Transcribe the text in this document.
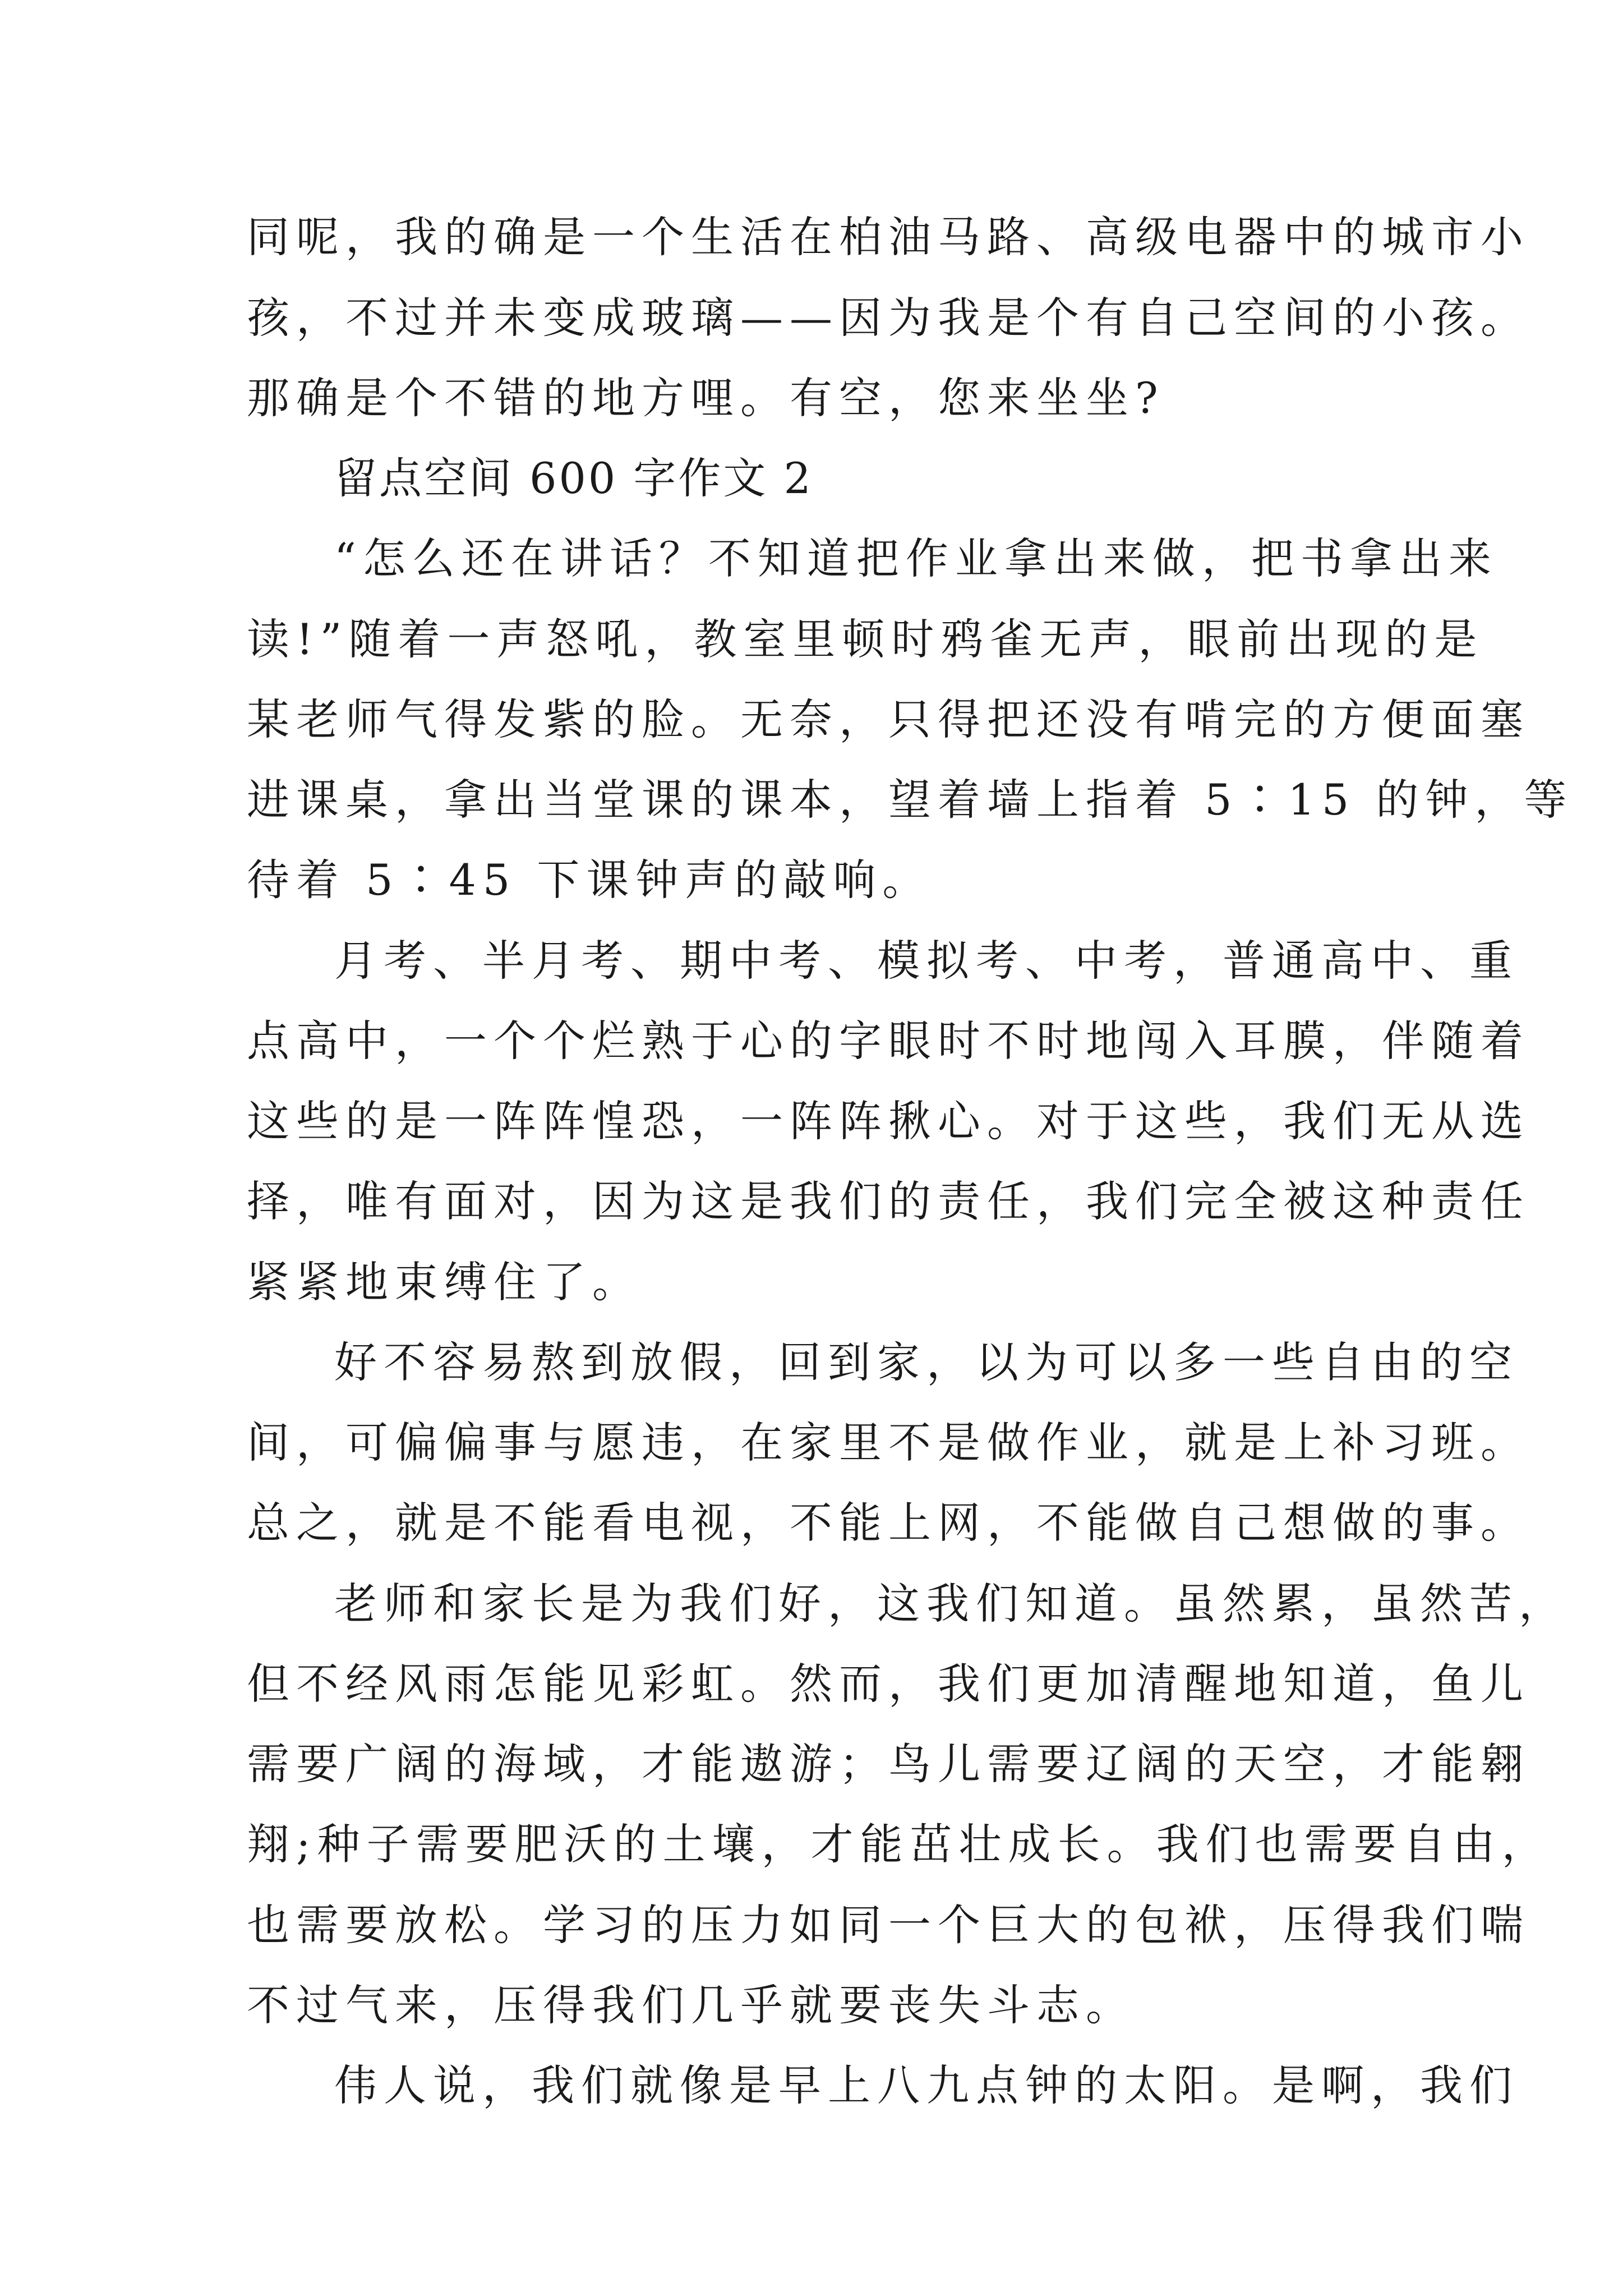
同呢，我的确是一个生活在柏油马路、高级电器中的城市小
孩，不过并未变成玻璃——因为我是个有自己空间的小孩。
那确是个不错的地方哩。有空，您来坐坐?
留点空间 600 字作文 2
“怎么还在讲话？不知道把作业拿出来做，把书拿出来
读!”随着一声怒吼，教室里顿时鸦雀无声，眼前出现的是
某老师气得发紫的脸。无奈，只得把还没有啃完的方便面塞
进课桌，拿出当堂课的课本，望着墙上指着 5∶15 的钟，等
待着 5∶45 下课钟声的敲响。
月考、半月考、期中考、模拟考、中考，普通高中、重
点高中，一个个烂熟于心的字眼时不时地闯入耳膜，伴随着
这些的是一阵阵惶恐，一阵阵揪心。对于这些，我们无从选
择，唯有面对，因为这是我们的责任，我们完全被这种责任
紧紧地束缚住了。
好不容易熬到放假，回到家，以为可以多一些自由的空
间，可偏偏事与愿违，在家里不是做作业，就是上补习班。
总之，就是不能看电视，不能上网，不能做自己想做的事。
老师和家长是为我们好，这我们知道。虽然累，虽然苦，
但不经风雨怎能见彩虹。然而，我们更加清醒地知道，鱼儿
需要广阔的海域，才能遨游；鸟儿需要辽阔的天空，才能翱
翔;种子需要肥沃的土壤，才能茁壮成长。我们也需要自由，
也需要放松。学习的压力如同一个巨大的包袱，压得我们喘
不过气来，压得我们几乎就要丧失斗志。
伟人说，我们就像是早上八九点钟的太阳。是啊，我们
